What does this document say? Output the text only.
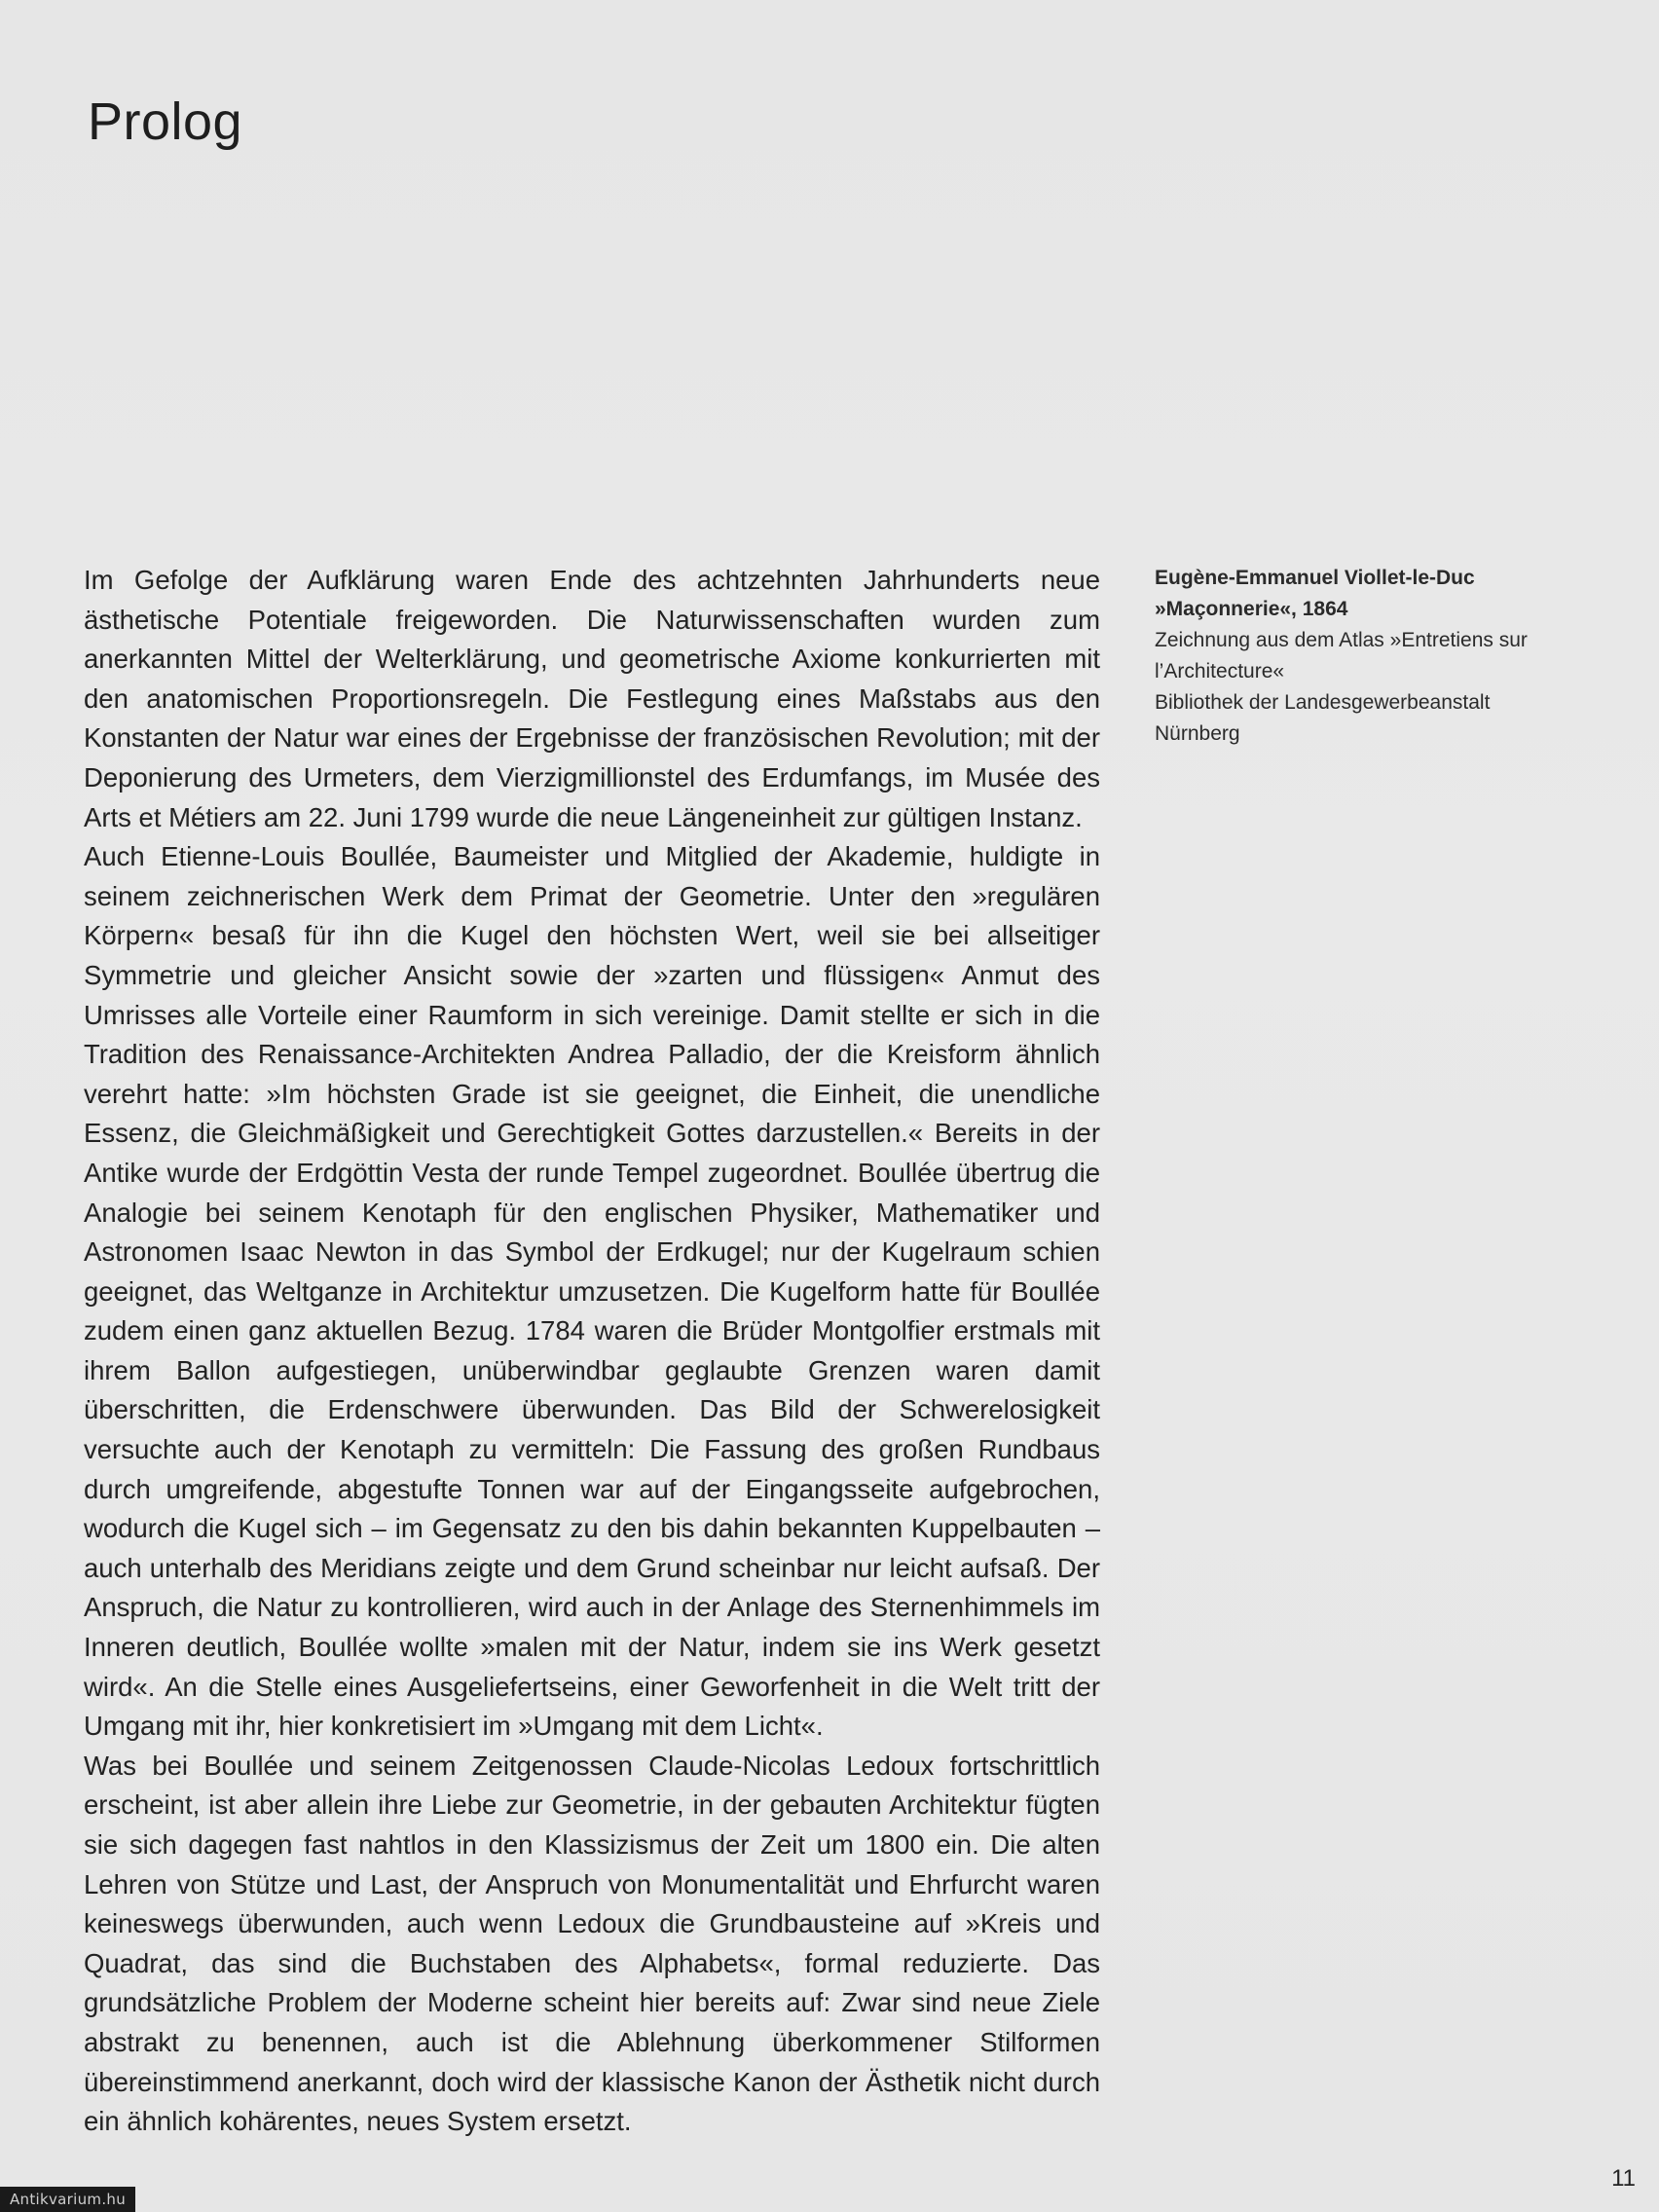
Prolog

Im Gefolge der Aufklärung waren Ende des achtzehnten Jahrhunderts neue ästhetische Potentiale freigeworden. Die Naturwissenschaften wurden zum anerkannten Mittel der Welterklärung, und geometrische Axiome konkurrierten mit den anatomischen Proportionsregeln. Die Festlegung eines Maßstabs aus den Konstanten der Natur war eines der Ergebnisse der französischen Revolution; mit der Deponierung des Urmeters, dem Vierzigmillionstel des Erdumfangs, im Musée des Arts et Métiers am 22. Juni 1799 wurde die neue Längeneinheit zur gültigen Instanz.

Auch Etienne-Louis Boullée, Baumeister und Mitglied der Akademie, huldigte in seinem zeichnerischen Werk dem Primat der Geometrie. Unter den »regulären Körpern« besaß für ihn die Kugel den höchsten Wert, weil sie bei allseitiger Symmetrie und gleicher Ansicht sowie der »zarten und flüssigen« Anmut des Umrisses alle Vorteile einer Raumform in sich vereinige. Damit stellte er sich in die Tradition des Renaissance-Architekten Andrea Palladio, der die Kreisform ähnlich verehrt hatte: »Im höchsten Grade ist sie geeignet, die Einheit, die unendliche Essenz, die Gleichmäßigkeit und Gerechtigkeit Gottes darzustellen.« Bereits in der Antike wurde der Erdgöttin Vesta der runde Tempel zugeordnet. Boullée übertrug die Analogie bei seinem Kenotaph für den englischen Physiker, Mathematiker und Astronomen Isaac Newton in das Symbol der Erdkugel; nur der Kugelraum schien geeignet, das Weltganze in Architektur umzusetzen. Die Kugelform hatte für Boullée zudem einen ganz aktuellen Bezug. 1784 waren die Brüder Montgolfier erstmals mit ihrem Ballon aufgestiegen, unüberwindbar geglaubte Grenzen waren damit überschritten, die Erdenschwere überwunden. Das Bild der Schwerelosigkeit versuchte auch der Kenotaph zu vermitteln: Die Fassung des großen Rundbaus durch umgreifende, abgestufte Tonnen war auf der Eingangsseite aufgebrochen, wodurch die Kugel sich – im Gegensatz zu den bis dahin bekannten Kuppelbauten – auch unterhalb des Meridians zeigte und dem Grund scheinbar nur leicht aufsaß. Der Anspruch, die Natur zu kontrollieren, wird auch in der Anlage des Sternenhimmels im Inneren deutlich, Boullée wollte »malen mit der Natur, indem sie ins Werk gesetzt wird«. An die Stelle eines Ausgeliefertseins, einer Geworfenheit in die Welt tritt der Umgang mit ihr, hier konkretisiert im »Umgang mit dem Licht«.

Was bei Boullée und seinem Zeitgenossen Claude-Nicolas Ledoux fortschrittlich erscheint, ist aber allein ihre Liebe zur Geometrie, in der gebauten Architektur fügten sie sich dagegen fast nahtlos in den Klassizismus der Zeit um 1800 ein. Die alten Lehren von Stütze und Last, der Anspruch von Monumentalität und Ehrfurcht waren keineswegs überwunden, auch wenn Ledoux die Grundbausteine auf »Kreis und Quadrat, das sind die Buchstaben des Alphabets«, formal reduzierte. Das grundsätzliche Problem der Moderne scheint hier bereits auf: Zwar sind neue Ziele abstrakt zu benennen, auch ist die Ablehnung überkommener Stilformen übereinstimmend anerkannt, doch wird der klassische Kanon der Ästhetik nicht durch ein ähnlich kohärentes, neues System ersetzt.

Eugène-Emmanuel Viollet-le-Duc
»Maçonnerie«, 1864
Zeichnung aus dem Atlas »Entretiens sur
l’Architecture«
Bibliothek der Landesgewerbeanstalt
Nürnberg
11
Antikvarium.hu
